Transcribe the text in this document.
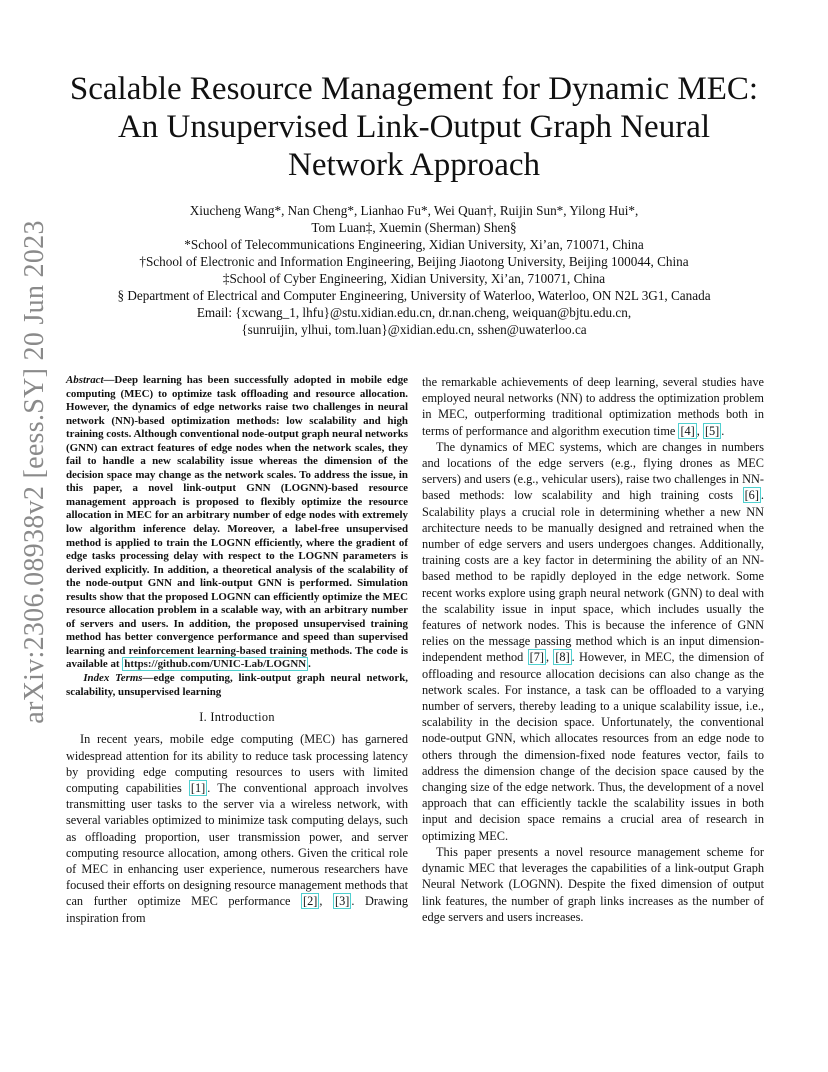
arXiv:2306.08938v2 [eess.SY] 20 Jun 2023
Scalable Resource Management for Dynamic MEC:
An Unsupervised Link-Output Graph Neural
Network Approach
Xiucheng Wang*, Nan Cheng*, Lianhao Fu*, Wei Quan†, Ruijin Sun*, Yilong Hui*,
Tom Luan‡, Xuemin (Sherman) Shen§
*School of Telecommunications Engineering, Xidian University, Xi’an, 710071, China
†School of Electronic and Information Engineering, Beijing Jiaotong University, Beijing 100044, China
‡School of Cyber Engineering, Xidian University, Xi’an, 710071, China
§ Department of Electrical and Computer Engineering, University of Waterloo, Waterloo, ON N2L 3G1, Canada
Email: {xcwang_1, lhfu}@stu.xidian.edu.cn, dr.nan.cheng, weiquan@bjtu.edu.cn,
{sunruijin, ylhui, tom.luan}@xidian.edu.cn, sshen@uwaterloo.ca
Abstract—Deep learning has been successfully adopted in mobile edge computing (MEC) to optimize task offloading and resource allocation. However, the dynamics of edge networks raise two challenges in neural network (NN)-based optimization methods: low scalability and high training costs. Although conventional node-output graph neural networks (GNN) can extract features of edge nodes when the network scales, they fail to handle a new scalability issue whereas the dimension of the decision space may change as the network scales. To address the issue, in this paper, a novel link-output GNN (LOGNN)-based resource management approach is proposed to flexibly optimize the resource allocation in MEC for an arbitrary number of edge nodes with extremely low algorithm inference delay. Moreover, a label-free unsupervised method is applied to train the LOGNN efficiently, where the gradient of edge tasks processing delay with respect to the LOGNN parameters is derived explicitly. In addition, a theoretical analysis of the scalability of the node-output GNN and link-output GNN is performed. Simulation results show that the proposed LOGNN can efficiently optimize the MEC resource allocation problem in a scalable way, with an arbitrary number of servers and users. In addition, the proposed unsupervised training method has better convergence performance and speed than supervised learning and reinforcement learning-based training methods. The code is available at https://github.com/UNIC-Lab/LOGNN .
Index Terms—edge computing, link-output graph neural network, scalability, unsupervised learning
I. Introduction

In recent years, mobile edge computing (MEC) has garnered widespread attention for its ability to reduce task processing latency by providing edge computing resources to users with limited computing capabilities [1] . The conventional approach involves transmitting user tasks to the server via a wireless network, with several variables optimized to minimize task computing delays, such as offloading proportion, user transmission power, and server computing resource allocation, among others. Given the critical role of MEC in enhancing user experience, numerous researchers have focused their efforts on designing resource management methods that can further optimize MEC performance [2] , [3] . Drawing inspiration from

the remarkable achievements of deep learning, several studies have employed neural networks (NN) to address the optimization problem in MEC, outperforming traditional optimization methods both in terms of performance and algorithm execution time [4] , [5] .

The dynamics of MEC systems, which are changes in numbers and locations of the edge servers (e.g., flying drones as MEC servers) and users (e.g., vehicular users), raise two challenges in NN-based methods: low scalability and high training costs [6] . Scalability plays a crucial role in determining whether a new NN architecture needs to be manually designed and retrained when the number of edge servers and users undergoes changes. Additionally, training costs are a key factor in determining the ability of an NN-based method to be rapidly deployed in the edge network. Some recent works explore using graph neural network (GNN) to deal with the scalability issue in input space, which includes usually the features of network nodes. This is because the inference of GNN relies on the message passing method which is an input dimension-independent method [7] , [8] . However, in MEC, the dimension of offloading and resource allocation decisions can also change as the network scales. For instance, a task can be offloaded to a varying number of servers, thereby leading to a unique scalability issue, i.e., scalability in the decision space. Unfortunately, the conventional node-output GNN, which allocates resources from an edge node to others through the dimension-fixed node features vector, fails to address the dimension change of the decision space caused by the changing size of the edge network. Thus, the development of a novel approach that can efficiently tackle the scalability issues in both input and decision space remains a crucial area of research in optimizing MEC.

This paper presents a novel resource management scheme for dynamic MEC that leverages the capabilities of a link-output Graph Neural Network (LOGNN). Despite the fixed dimension of output link features, the number of graph links increases as the number of edge servers and users increases.
